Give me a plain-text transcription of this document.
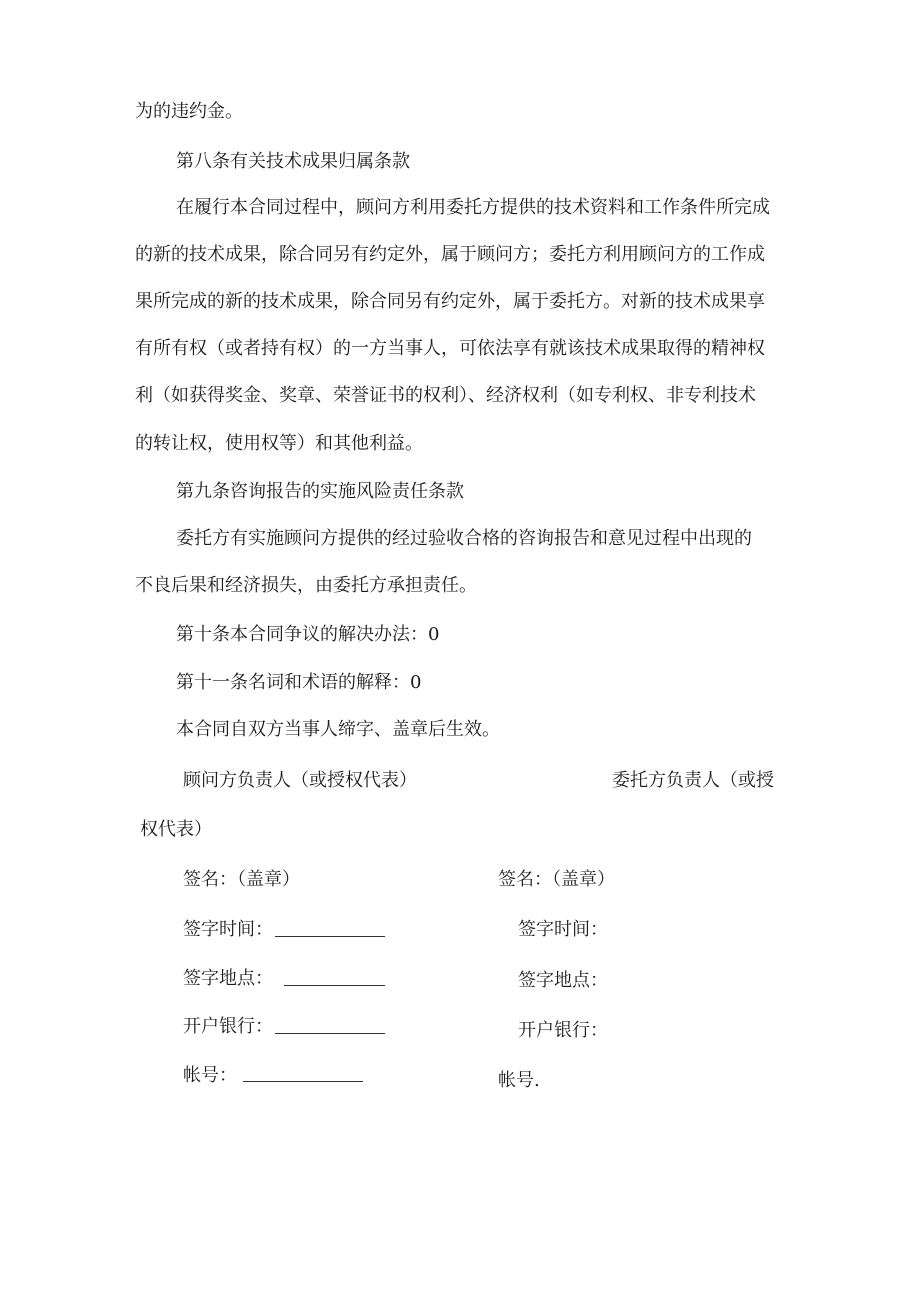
为的违约金。
第八条有关技术成果归属条款
在履行本合同过程中，顾问方利用委托方提供的技术资料和工作条件所完成
的新的技术成果，除合同另有约定外，属于顾问方；委托方利用顾问方的工作成
果所完成的新的技术成果，除合同另有约定外，属于委托方。对新的技术成果享
有所有权（或者持有权）的一方当事人，可依法享有就该技术成果取得的精神权
利（如获得奖金、奖章、荣誉证书的权利）、经济权利（如专利权、非专利技术
的转让权，使用权等）和其他利益。
第九条咨询报告的实施风险责任条款
委托方有实施顾问方提供的经过验收合格的咨询报告和意见过程中出现的
不良后果和经济损失，由委托方承担责任。
第十条本合同争议的解决办法：0
第十一条名词和术语的解释：0
本合同自双方当事人缔字、盖章后生效。
顾问方负责人（或授权代表）	委托方负责人（或授
权代表）
签名：（盖章）	签名：（盖章）
签字时间：	签字时间：
签字地点：	签字地点：
开户银行：	开户银行：
帐号：	帐号.
